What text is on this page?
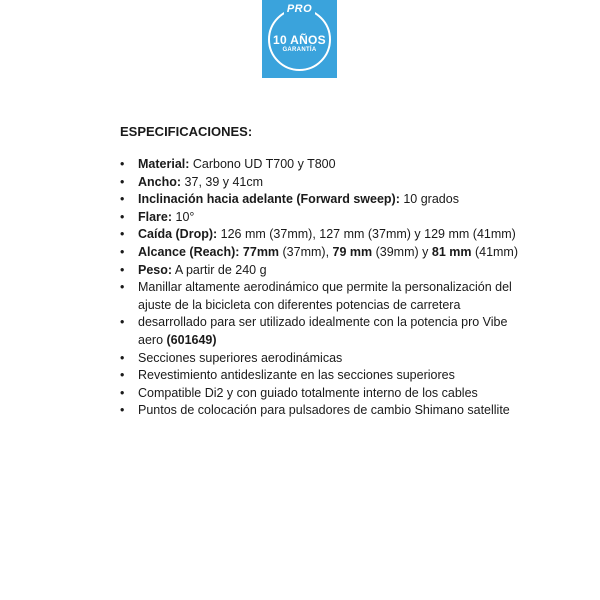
PRO
10 AÑOS
GARANTÍA
ESPECIFICACIONES:
• Material: Carbono UD T700 y T800
• Ancho: 37, 39 y 41cm
• Inclinación hacia adelante (Forward sweep): 10 grados
• Flare: 10°
• Caída (Drop): 126 mm (37mm), 127 mm (37mm) y 129 mm (41mm)
• Alcance (Reach): 77mm (37mm), 79 mm (39mm) y 81 mm (41mm)
• Peso: A partir de 240 g
• Manillar altamente aerodinámico que permite la personalización del ajuste de la bicicleta con diferentes potencias de carretera
• desarrollado para ser utilizado idealmente con la potencia pro Vibe aero (601649)
• Secciones superiores aerodinámicas
• Revestimiento antideslizante en las secciones superiores
• Compatible Di2 y con guiado totalmente interno de los cables
• Puntos de colocación para pulsadores de cambio Shimano satellite
